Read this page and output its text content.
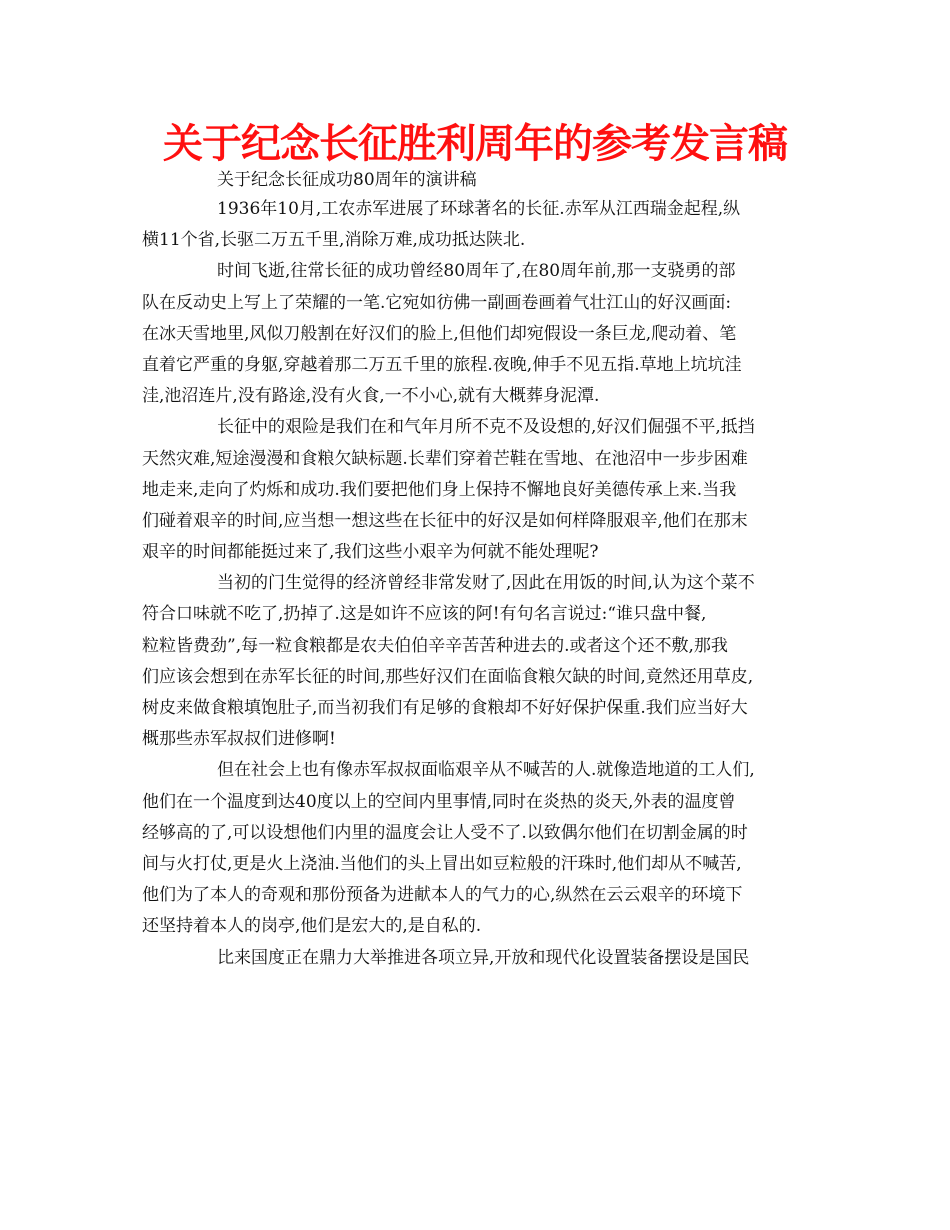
关于纪念长征胜利周年的参考发言稿
关于纪念长征成功80周年的演讲稿
1936年10月,工农赤军进展了环球著名的长征.赤军从江西瑞金起程,纵
横11个省,长驱二万五千里,消除万难,成功抵达陕北.
时间飞逝,往常长征的成功曾经80周年了,在80周年前,那一支骁勇的部
队在反动史上写上了荣耀的一笔.它宛如彷佛一副画卷画着气壮江山的好汉画面:
在冰天雪地里,风似刀般割在好汉们的脸上,但他们却宛假设一条巨龙,爬动着、笔
直着它严重的身躯,穿越着那二万五千里的旅程.夜晚,伸手不见五指.草地上坑坑洼
洼,池沼连片,没有路途,没有火食,一不小心,就有大概葬身泥潭.
长征中的艰险是我们在和气年月所不克不及设想的,好汉们倔强不平,抵挡
天然灾难,短途漫漫和食粮欠缺标题.长辈们穿着芒鞋在雪地、在池沼中一步步困难
地走来,走向了灼烁和成功.我们要把他们身上保持不懈地良好美德传承上来.当我
们碰着艰辛的时间,应当想一想这些在长征中的好汉是如何样降服艰辛,他们在那末
艰辛的时间都能挺过来了,我们这些小艰辛为何就不能处理呢?
当初的门生觉得的经济曾经非常发财了,因此在用饭的时间,认为这个菜不
符合口味就不吃了,扔掉了.这是如许不应该的阿!有句名言说过:“谁只盘中餐,
粒粒皆费劲”,每一粒食粮都是农夫伯伯辛辛苦苦种进去的.或者这个还不敷,那我
们应该会想到在赤军长征的时间,那些好汉们在面临食粮欠缺的时间,竟然还用草皮,
树皮来做食粮填饱肚子,而当初我们有足够的食粮却不好好保护保重.我们应当好大
概那些赤军叔叔们进修啊!
但在社会上也有像赤军叔叔面临艰辛从不喊苦的人.就像造地道的工人们,
他们在一个温度到达40度以上的空间内里事情,同时在炎热的炎天,外表的温度曾
经够高的了,可以设想他们内里的温度会让人受不了.以致偶尔他们在切割金属的时
间与火打仗,更是火上浇油.当他们的头上冒出如豆粒般的汗珠时,他们却从不喊苦,
他们为了本人的奇观和那份预备为进献本人的气力的心,纵然在云云艰辛的环境下
还坚持着本人的岗亭,他们是宏大的,是自私的.
比来国度正在鼎力大举推进各项立异,开放和现代化设置装备摆设是国民
